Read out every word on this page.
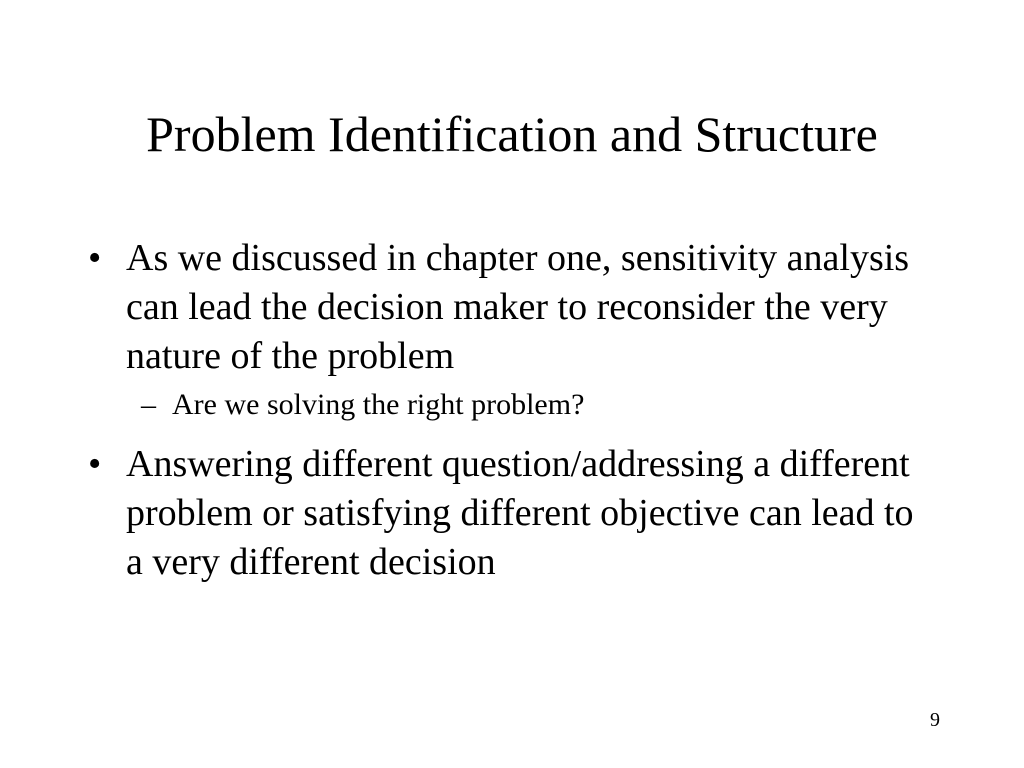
Problem Identification and Structure
• As we discussed in chapter one, sensitivity analysis can lead the decision maker to reconsider the very nature of the problem
– Are we solving the right problem?
• Answering different question/addressing a different problem or satisfying different objective can lead to a very different decision
9
